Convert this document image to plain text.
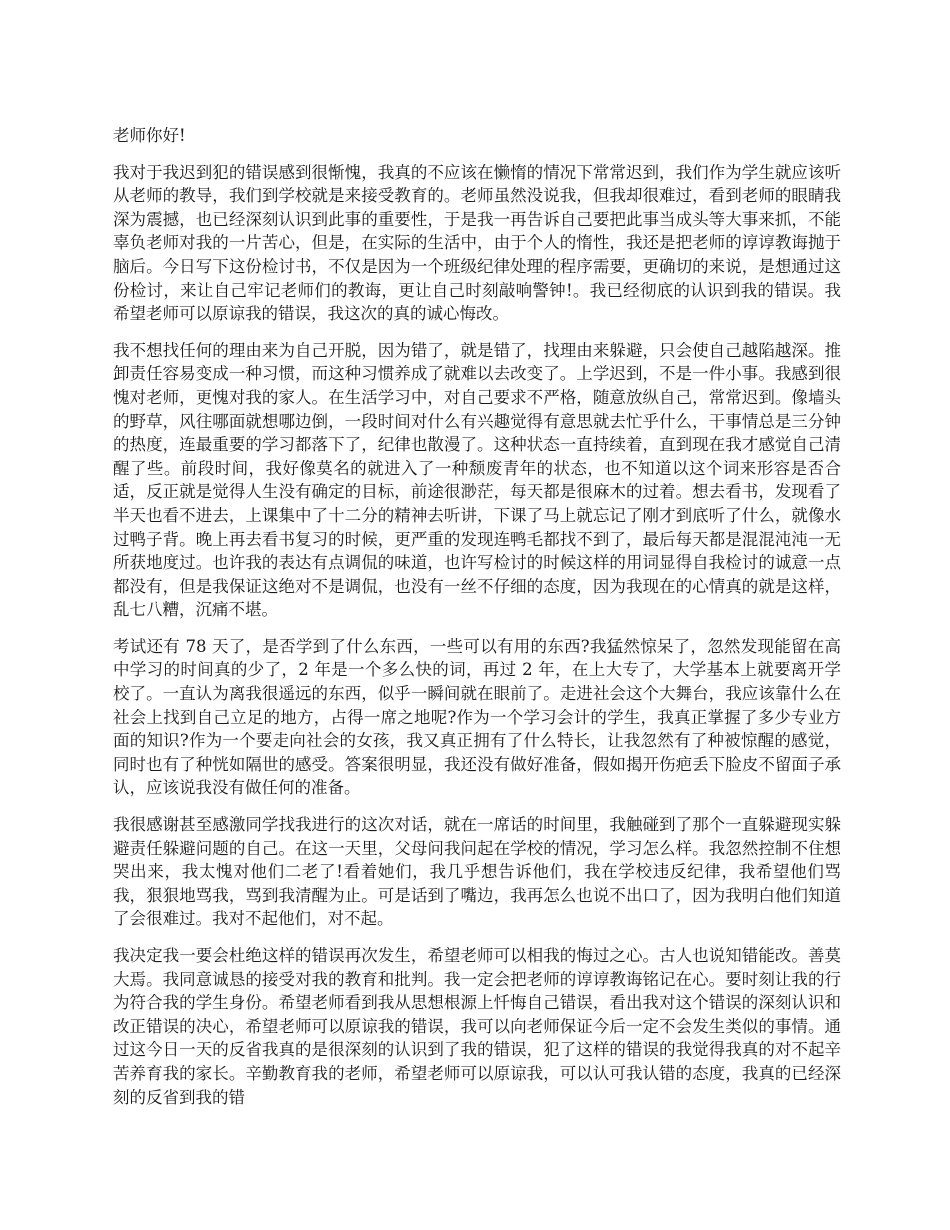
老师你好!

我对于我迟到犯的错误感到很惭愧，我真的不应该在懒惰的情况下常常迟到，我们作为学生就应该听从老师的教导，我们到学校就是来接受教育的。老师虽然没说我，但我却很难过，看到老师的眼睛我深为震撼，也已经深刻认识到此事的重要性，于是我一再告诉自己要把此事当成头等大事来抓，不能辜负老师对我的一片苦心，但是，在实际的生活中，由于个人的惰性，我还是把老师的谆谆教诲抛于脑后。今日写下这份检讨书，不仅是因为一个班级纪律处理的程序需要，更确切的来说，是想通过这份检讨，来让自己牢记老师们的教诲，更让自己时刻敲响警钟!。我已经彻底的认识到我的错误。我希望老师可以原谅我的错误，我这次的真的诚心悔改。

我不想找任何的理由来为自己开脱，因为错了，就是错了，找理由来躲避，只会使自己越陷越深。推卸责任容易变成一种习惯，而这种习惯养成了就难以去改变了。上学迟到，不是一件小事。我感到很愧对老师，更愧对我的家人。在生活学习中，对自己要求不严格，随意放纵自己，常常迟到。像墙头的野草，风往哪面就想哪边倒，一段时间对什么有兴趣觉得有意思就去忙乎什么，干事情总是三分钟的热度，连最重要的学习都落下了，纪律也散漫了。这种状态一直持续着，直到现在我才感觉自己清醒了些。前段时间，我好像莫名的就进入了一种颓废青年的状态，也不知道以这个词来形容是否合适，反正就是觉得人生没有确定的目标，前途很渺茫，每天都是很麻木的过着。想去看书，发现看了半天也看不进去，上课集中了十二分的精神去听讲，下课了马上就忘记了刚才到底听了什么，就像水过鸭子背。晚上再去看书复习的时候，更严重的发现连鸭毛都找不到了，最后每天都是混混沌沌一无所获地度过。也许我的表达有点调侃的味道，也许写检讨的时候这样的用词显得自我检讨的诚意一点都没有，但是我保证这绝对不是调侃，也没有一丝不仔细的态度，因为我现在的心情真的就是这样，乱七八糟，沉痛不堪。

考试还有 78 天了，是否学到了什么东西，一些可以有用的东西?我猛然惊呆了，忽然发现能留在高中学习的时间真的少了，2 年是一个多么快的词，再过 2 年，在上大专了，大学基本上就要离开学校了。一直认为离我很遥远的东西，似乎一瞬间就在眼前了。走进社会这个大舞台，我应该靠什么在社会上找到自己立足的地方，占得一席之地呢?作为一个学习会计的学生，我真正掌握了多少专业方面的知识?作为一个要走向社会的女孩，我又真正拥有了什么特长，让我忽然有了种被惊醒的感觉，同时也有了种恍如隔世的感受。答案很明显，我还没有做好准备，假如揭开伤疤丢下脸皮不留面子承认，应该说我没有做任何的准备。

我很感谢甚至感激同学找我进行的这次对话，就在一席话的时间里，我触碰到了那个一直躲避现实躲避责任躲避问题的自己。在这一天里，父母问我问起在学校的情况，学习怎么样。我忽然控制不住想哭出来，我太愧对他们二老了!看着她们，我几乎想告诉他们，我在学校违反纪律，我希望他们骂我，狠狠地骂我，骂到我清醒为止。可是话到了嘴边，我再怎么也说不出口了，因为我明白他们知道了会很难过。我对不起他们，对不起。

我决定我一要会杜绝这样的错误再次发生，希望老师可以相我的悔过之心。古人也说知错能改。善莫大焉。我同意诚恳的接受对我的教育和批判。我一定会把老师的谆谆教诲铭记在心。要时刻让我的行为符合我的学生身份。希望老师看到我从思想根源上忏悔自己错误，看出我对这个错误的深刻认识和改正错误的决心，希望老师可以原谅我的错误，我可以向老师保证今后一定不会发生类似的事情。通过这今日一天的反省我真的是很深刻的认识到了我的错误，犯了这样的错误的我觉得我真的对不起辛苦养育我的家长。辛勤教育我的老师，希望老师可以原谅我，可以认可我认错的态度，我真的已经深刻的反省到我的错
